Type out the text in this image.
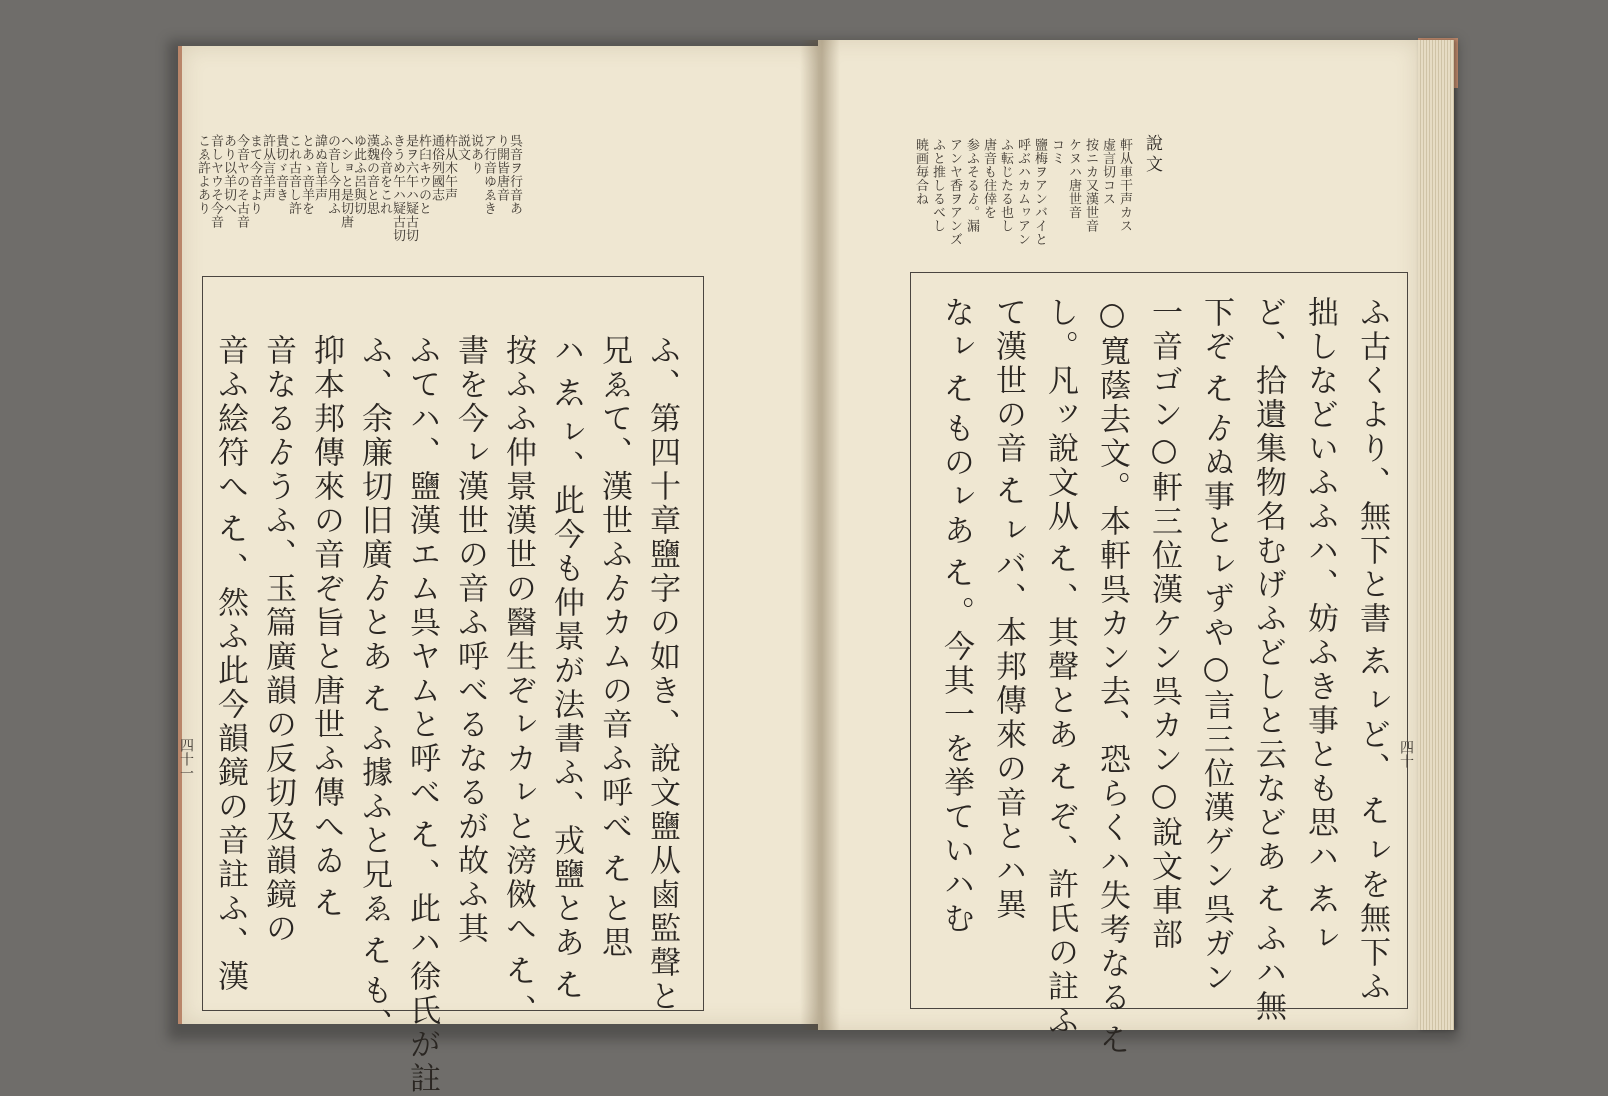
呉音ヲ行音あ
り開皆唐音
ア行音ゆゑき
说あり
説文
杵从木午声
通俗列國志
杵臼キウのと
是ヲ六午ハ疑古切
きうめ午ハ疑古切
ふ伶音をこれ
漢魏の音と思
ゆ此ふ呂與切
へショと是切唐
の音し今用ふ
諱ぬ音羊声
とあゝ音羊を
これ古音し許
貴切ゞ音き
許从言羊声
まて今音より
今音ヤのそ古音
あり以羊切へ
音しヤウそ今音
こゑ許よあり
ふ、第四十章鹽字の如き、說文鹽从鹵監聲と
兄ゑて、漢世ふゟカムの音ふ呼べ𛂦と思
ハ𛁈ㇾ、此今も仲景が法書ふ、戎鹽とあ𛂦
按ふふ仲景漢世の醫生ぞㇾカㇾと滂傚へ𛂦、
書を今ㇾ漢世の音ふ呼べるなるが故ふ其
ふてハ、鹽漢エム呉ヤムと呼べ𛂦、此ハ徐氏が註
ふ、余廉切旧廣ゟとあ𛂦ふ據ふと兄ゑ𛂦も、
抑本邦傳來の音ぞ旨と唐世ふ傳へゐ𛂦
音なるゟうふ、玉篇廣韻の反切及韻鏡の
音ふ絵符へ𛂦、然ふ此今韻鏡の音註ふ、漢
四十一
說文
軒从車干声カス
虚言切コス
按ニカ又漢世音
ケヌハ唐世音
コミ
鹽梅ヲアンバイと
呼ぶハカムヮアン
ふ転じたる也し
唐音も往倖を
参ふそるゟ。漏
アンヤ香ヲアンズ
ふと推しるべし
暁画毎合ね
ふ古くより、無下と書𛁈ㇾど、𛂦ㇾを無下ふ
拙しなどいふふハ、妨ふき事とも思ハ𛁈ㇾ
ど、拾遺集物名むげふどしと云などあ𛂦ふハ無
下ぞ𛂦ゟぬ事とㇾずや○言三位漢ゲン呉ガン
一音ゴン○軒三位漢ケン呉カン○說文車部
○寬蔭去文。本軒呉カン去、恐らくハ失考なる𛂦
し。凡ッ說文从𛂦、其聲とあ𛂦ぞ、許氏の註ふ
て漢世の音𛂦ㇾバ、本邦傳來の音とハ異
なㇾ𛂦ものㇾあ𛂦。今其一を挙ていハむ	四十
